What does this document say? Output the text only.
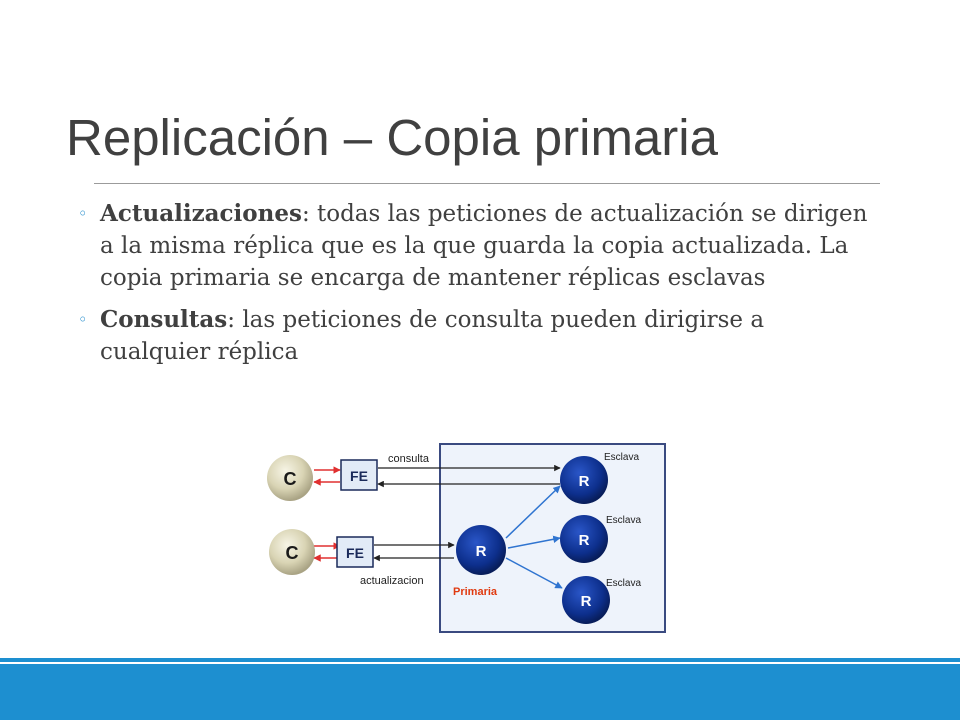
Replicación – Copia primaria
◦ Actualizaciones: todas las peticiones de actualización se dirigen a la misma réplica que es la que guarda la copia actualizada. La copia primaria se encarga de mantener réplicas esclavas
◦ Consultas: las peticiones de consulta pueden dirigirse a cualquier réplica
C
C
FE
FE
consulta
actualizacion
R
Primaria
Esclava
R
Esclava
R
Esclava
R
